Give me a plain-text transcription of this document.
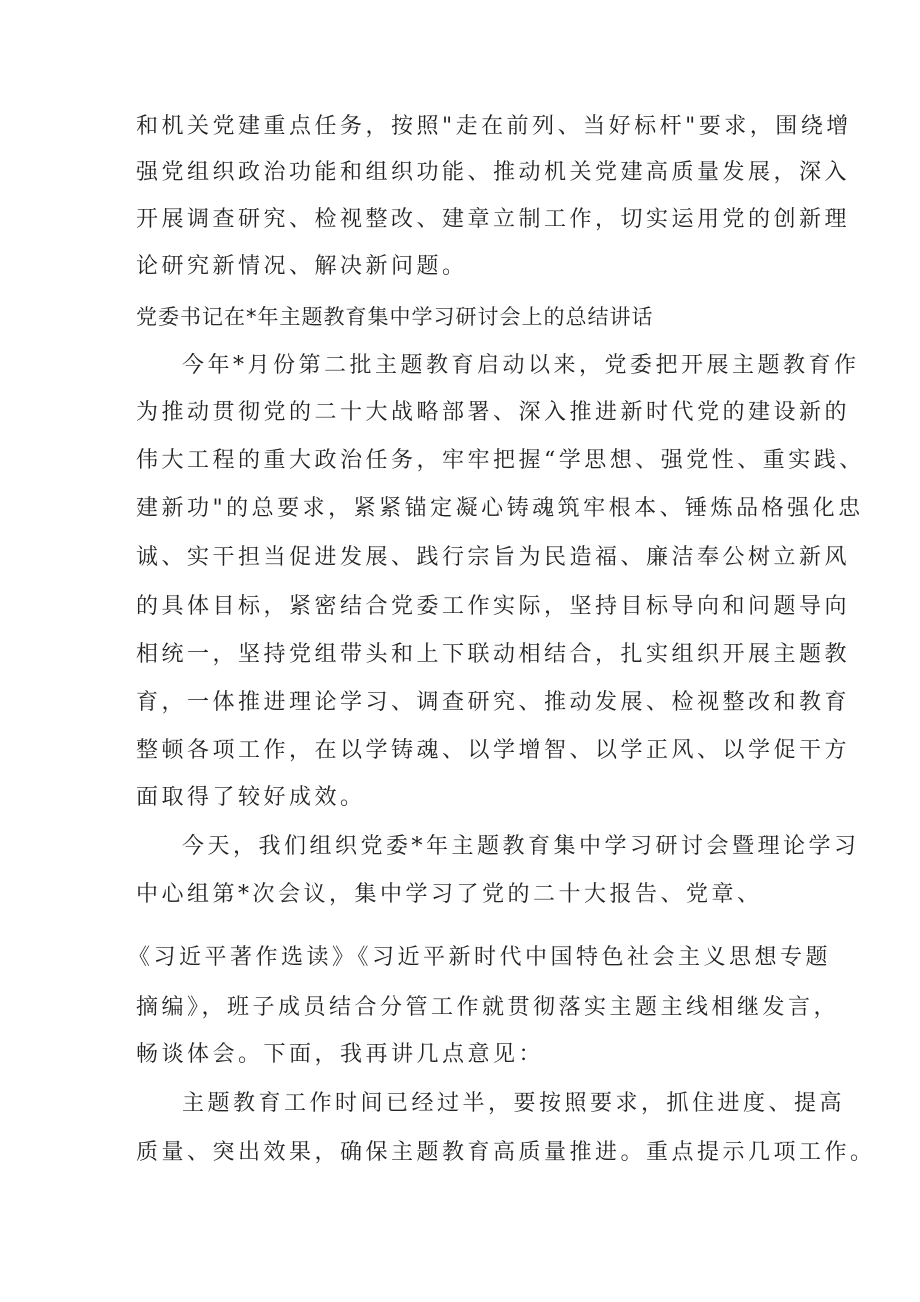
和机关党建重点任务，按照"走在前列、当好标杆"要求，围绕增
强党组织政治功能和组织功能、推动机关党建高质量发展，深入
开展调查研究、检视整改、建章立制工作，切实运用党的创新理
论研究新情况、解决新问题。
党委书记在*年主题教育集中学习研讨会上的总结讲话
今年*月份第二批主题教育启动以来，党委把开展主题教育作
为推动贯彻党的二十大战略部署、深入推进新时代党的建设新的
伟大工程的重大政治任务，牢牢把握“学思想、强党性、重实践、
建新功"的总要求，紧紧锚定凝心铸魂筑牢根本、锤炼品格强化忠
诚、实干担当促进发展、践行宗旨为民造福、廉洁奉公树立新风
的具体目标，紧密结合党委工作实际，坚持目标导向和问题导向
相统一，坚持党组带头和上下联动相结合，扎实组织开展主题教
育，一体推进理论学习、调查研究、推动发展、检视整改和教育
整顿各项工作，在以学铸魂、以学增智、以学正风、以学促干方
面取得了较好成效。
今天，我们组织党委*年主题教育集中学习研讨会暨理论学习
中心组第*次会议，集中学习了党的二十大报告、党章、
《习近平著作选读》《习近平新时代中国特色社会主义思想专题
摘编》，班子成员结合分管工作就贯彻落实主题主线相继发言，
畅谈体会。下面，我再讲几点意见：
主题教育工作时间已经过半，要按照要求，抓住进度、提高
质量、突出效果，确保主题教育高质量推进。重点提示几项工作。
